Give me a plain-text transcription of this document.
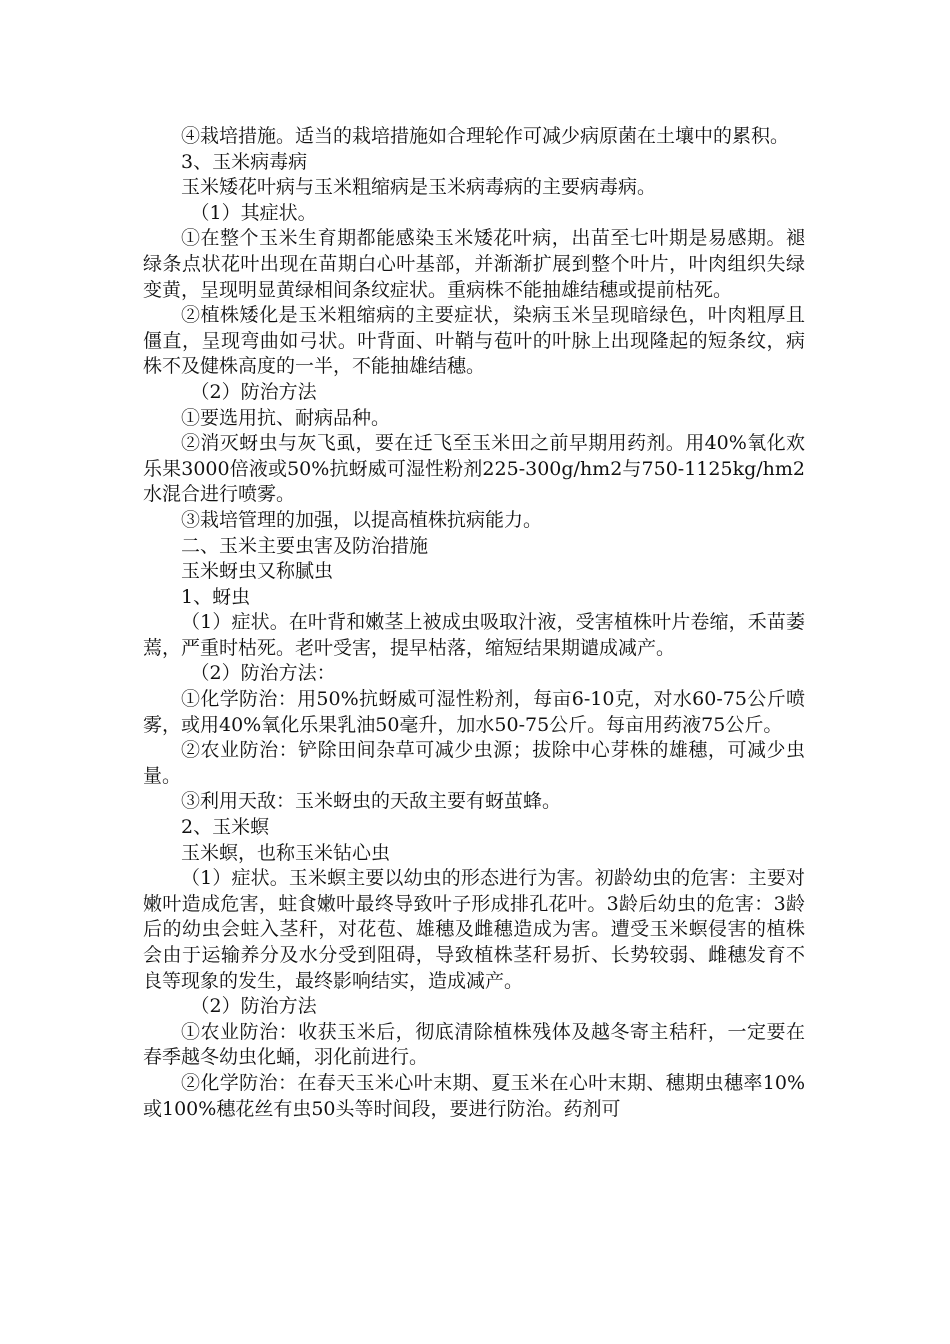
④栽培措施。适当的栽培措施如合理轮作可减少病原菌在土壤中的累积。

3、玉米病毒病

玉米矮花叶病与玉米粗缩病是玉米病毒病的主要病毒病。

（1）其症状。

①在整个玉米生育期都能感染玉米矮花叶病，出苗至七叶期是易感期。褪绿条点状花叶出现在苗期白心叶基部，并渐渐扩展到整个叶片，叶肉组织失绿变黄，呈现明显黄绿相间条纹症状。重病株不能抽雄结穗或提前枯死。

②植株矮化是玉米粗缩病的主要症状，染病玉米呈现暗绿色，叶肉粗厚且僵直，呈现弯曲如弓状。叶背面、叶鞘与苞叶的叶脉上出现隆起的短条纹，病株不及健株高度的一半，不能抽雄结穗。

（2）防治方法

①要选用抗、耐病品种。

②消灭蚜虫与灰飞虱，要在迁飞至玉米田之前早期用药剂。用40%氧化欢乐果3000倍液或50%抗蚜威可湿性粉剂225-300g/hm2与750-1125kg/hm2水混合进行喷雾。

③栽培管理的加强，以提高植株抗病能力。

二、玉米主要虫害及防治措施

玉米蚜虫又称腻虫

1、蚜虫

（1）症状。在叶背和嫩茎上被成虫吸取汁液，受害植株叶片卷缩，禾苗萎蔫，严重时枯死。老叶受害，提早枯落，缩短结果期谴成减产。

（2）防治方法：

①化学防治：用50%抗蚜威可湿性粉剂，每亩6-10克，对水60-75公斤喷雾，或用40%氧化乐果乳油50毫升，加水50-75公斤。每亩用药液75公斤。

②农业防治：铲除田间杂草可减少虫源；拔除中心芽株的雄穗，可减少虫量。

③利用天敌：玉米蚜虫的天敌主要有蚜茧蜂。

2、玉米螟

玉米螟，也称玉米钻心虫

（1）症状。玉米螟主要以幼虫的形态进行为害。初龄幼虫的危害：主要对嫩叶造成危害，蛀食嫩叶最终导致叶子形成排孔花叶。3龄后幼虫的危害：3龄后的幼虫会蛀入茎秆，对花苞、雄穗及雌穗造成为害。遭受玉米螟侵害的植株会由于运输养分及水分受到阻碍，导致植株茎秆易折、长势较弱、雌穗发育不良等现象的发生，最终影响结实，造成减产。

（2）防治方法

①农业防治：收获玉米后，彻底清除植株残体及越冬寄主秸秆，一定要在春季越冬幼虫化蛹，羽化前进行。

②化学防治：在春天玉米心叶末期、夏玉米在心叶末期、穗期虫穗率10%或100%穗花丝有虫50头等时间段，要进行防治。药剂可
